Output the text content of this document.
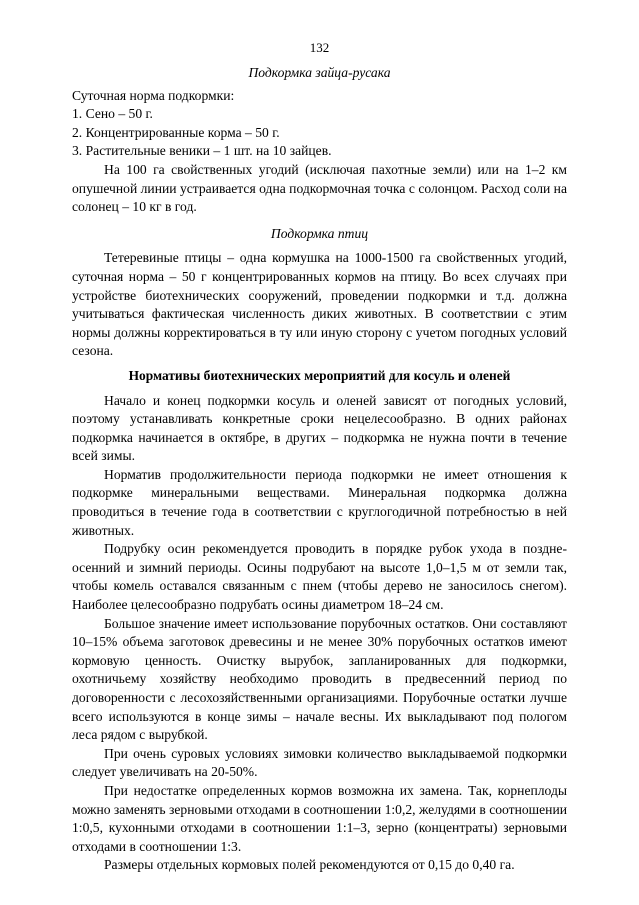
132
Подкормка зайца-русака

Суточная норма подкормки:

1. Сено – 50 г.

2. Концентрированные корма – 50 г.

3. Растительные веники – 1 шт. на 10 зайцев.

На 100 га свойственных угодий (исключая пахотные земли) или на 1–2 км опушечной линии устраивается одна подкормочная точка с солонцом. Расход соли на солонец – 10 кг в год.

Подкормка птиц

Тетеревиные птицы – одна кормушка на 1000-1500 га свойственных угодий, суточная норма – 50 г концентрированных кормов на птицу. Во всех случаях при устройстве биотехнических сооружений, проведении подкормки и т.д. должна учитываться фактическая численность диких животных. В соответствии с этим нормы должны корректироваться в ту или иную сторону с учетом погодных условий сезона.

Нормативы биотехнических мероприятий для косуль и оленей

Начало и конец подкормки косуль и оленей зависят от погодных условий, поэтому устанавливать конкретные сроки нецелесообразно. В одних районах подкормка начинается в октябре, в других – подкормка не нужна почти в течение всей зимы.

Норматив продолжительности периода подкормки не имеет отношения к подкормке минеральными веществами. Минеральная подкормка должна проводиться в течение года в соответствии с круглогодичной потребностью в ней животных.

Подрубку осин рекомендуется проводить в порядке рубок ухода в позднеосенний и зимний периоды. Осины подрубают на высоте 1,0–1,5 м от земли так, чтобы комель оставался связанным с пнем (чтобы дерево не заносилось снегом). Наиболее целесообразно подрубать осины диаметром 18–24 см.

Большое значение имеет использование порубочных остатков. Они составляют 10–15% объема заготовок древесины и не менее 30% порубочных остатков имеют кормовую ценность. Очистку вырубок, запланированных для подкормки, охотничьему хозяйству необходимо проводить в предвесенний период по договоренности с лесохозяйственными организациями. Порубочные остатки лучше всего используются в конце зимы – начале весны. Их выкладывают под пологом леса рядом с вырубкой.

При очень суровых условиях зимовки количество выкладываемой подкормки следует увеличивать на 20-50%.

При недостатке определенных кормов возможна их замена. Так, корнеплоды можно заменять зерновыми отходами в соотношении 1:0,2, желудями в соотношении 1:0,5, кухонными отходами в соотношении 1:1–3, зерно (концентраты) зерновыми отходами в соотношении 1:3.

Размеры отдельных кормовых полей рекомендуются от 0,15 до 0,40 га.
